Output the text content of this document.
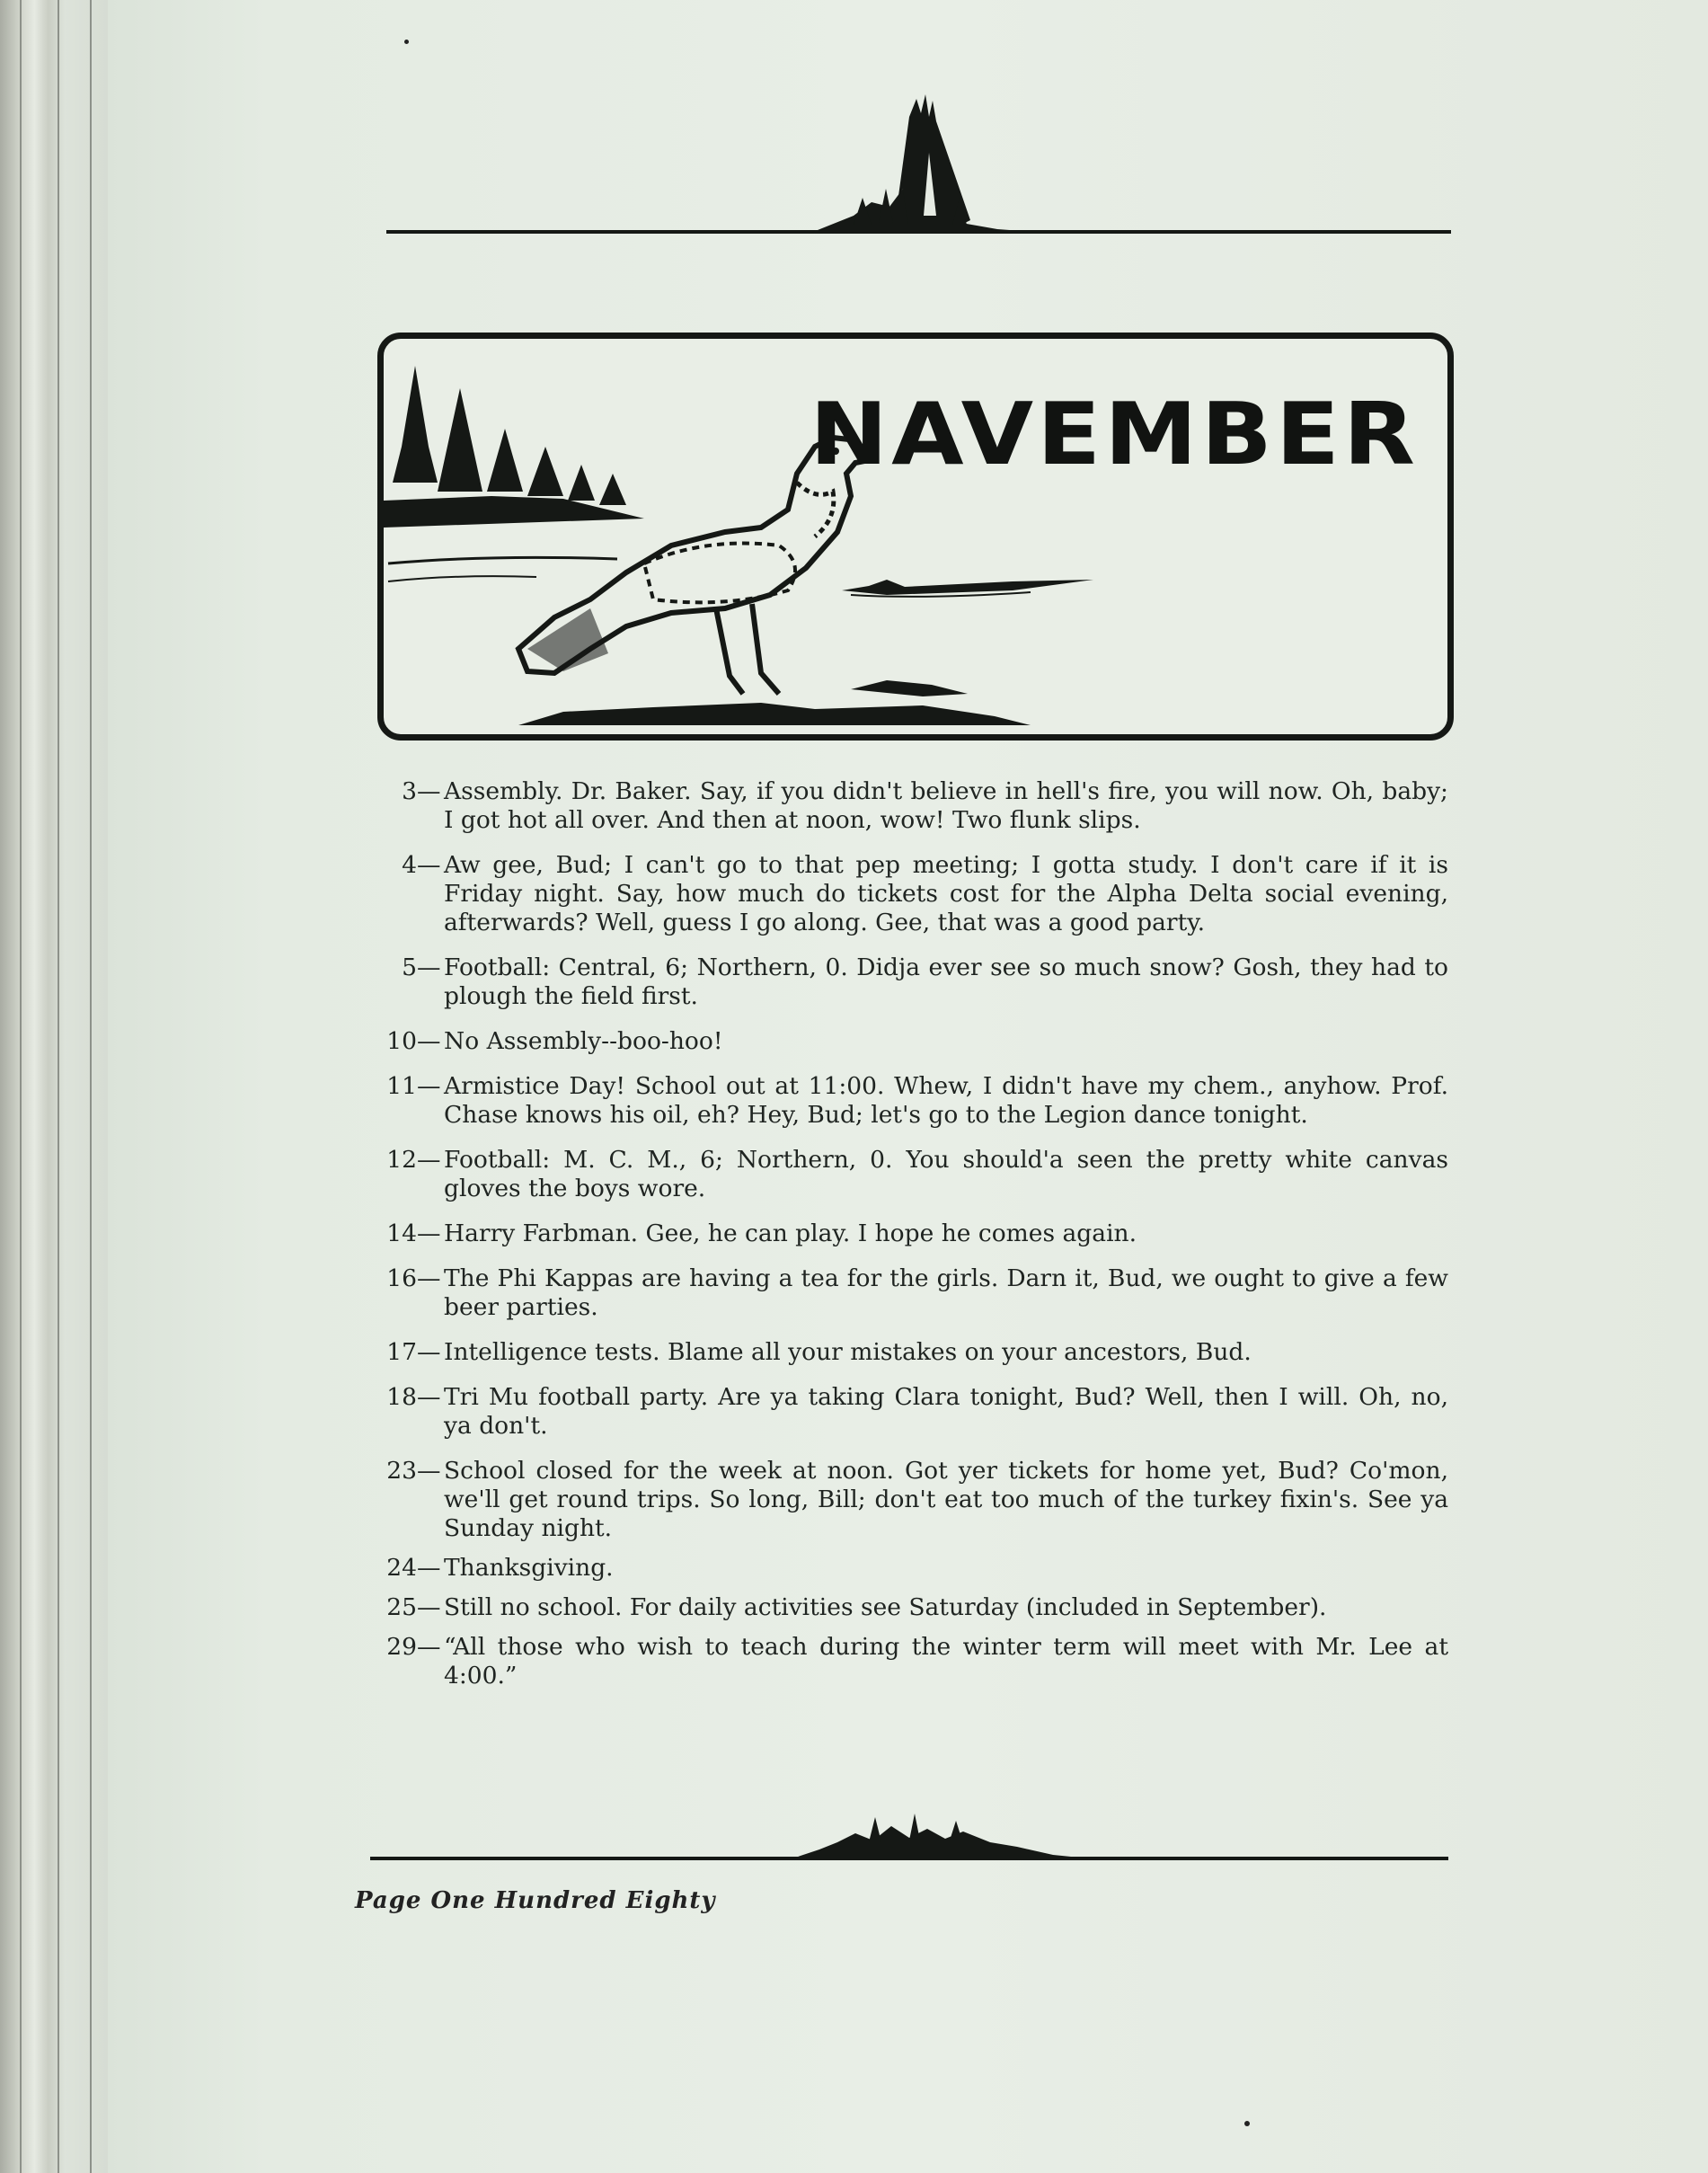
NAVEMBER
3 — Assembly. Dr. Baker. Say, if you didn't believe in hell's fire, you will now. Oh, baby; I got hot all over. And then at noon, wow! Two flunk slips.
4 — Aw gee, Bud; I can't go to that pep meeting; I gotta study. I don't care if it is Friday night. Say, how much do tickets cost for the Alpha Delta social evening, afterwards? Well, guess I go along. Gee, that was a good party.
5 — Football: Central, 6; Northern, 0. Didja ever see so much snow? Gosh, they had to plough the field first.
10 — No Assembly--boo-hoo!
11 — Armistice Day! School out at 11:00. Whew, I didn't have my chem., anyhow. Prof. Chase knows his oil, eh? Hey, Bud; let's go to the Legion dance tonight.
12 — Football: M. C. M., 6; Northern, 0. You should'a seen the pretty white canvas gloves the boys wore.
14 — Harry Farbman. Gee, he can play. I hope he comes again.
16 — The Phi Kappas are having a tea for the girls. Darn it, Bud, we ought to give a few beer parties.
17 — Intelligence tests. Blame all your mistakes on your ancestors, Bud.
18 — Tri Mu football party. Are ya taking Clara tonight, Bud? Well, then I will. Oh, no, ya don't.
23 — School closed for the week at noon. Got yer tickets for home yet, Bud? Co'mon, we'll get round trips. So long, Bill; don't eat too much of the turkey fixin's. See ya Sunday night.
24 — Thanksgiving.
25 — Still no school. For daily activities see Saturday (included in September).
29 — “All those who wish to teach during the winter term will meet with Mr. Lee at 4:00.”
Page One Hundred Eighty
